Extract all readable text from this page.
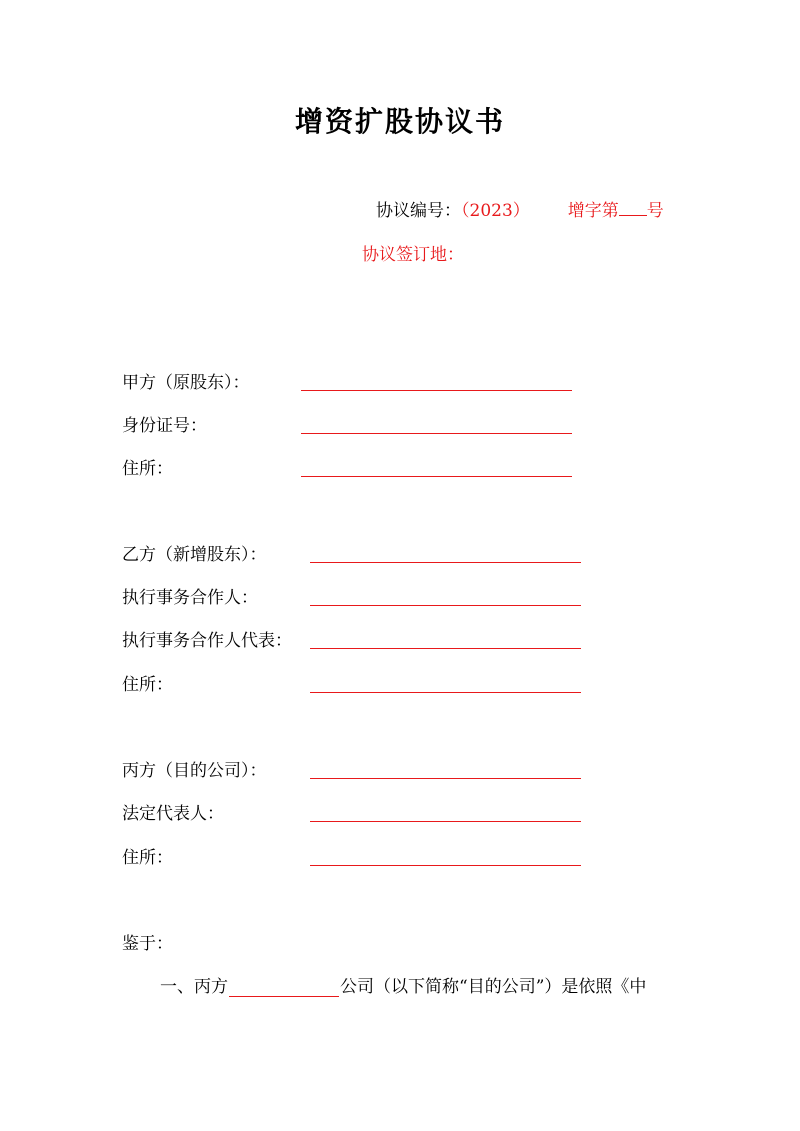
增资扩股协议书
协议编号：（2023） 增字第 号
协议签订地：
甲方（原股东）：
身份证号：
住所：
乙方（新增股东）：
执行事务合作人：
执行事务合作人代表：
住所：
丙方（目的公司）：
法定代表人：
住所：
鉴于：
一、丙方	公司（以下简称“目的公司”）是依照《中
